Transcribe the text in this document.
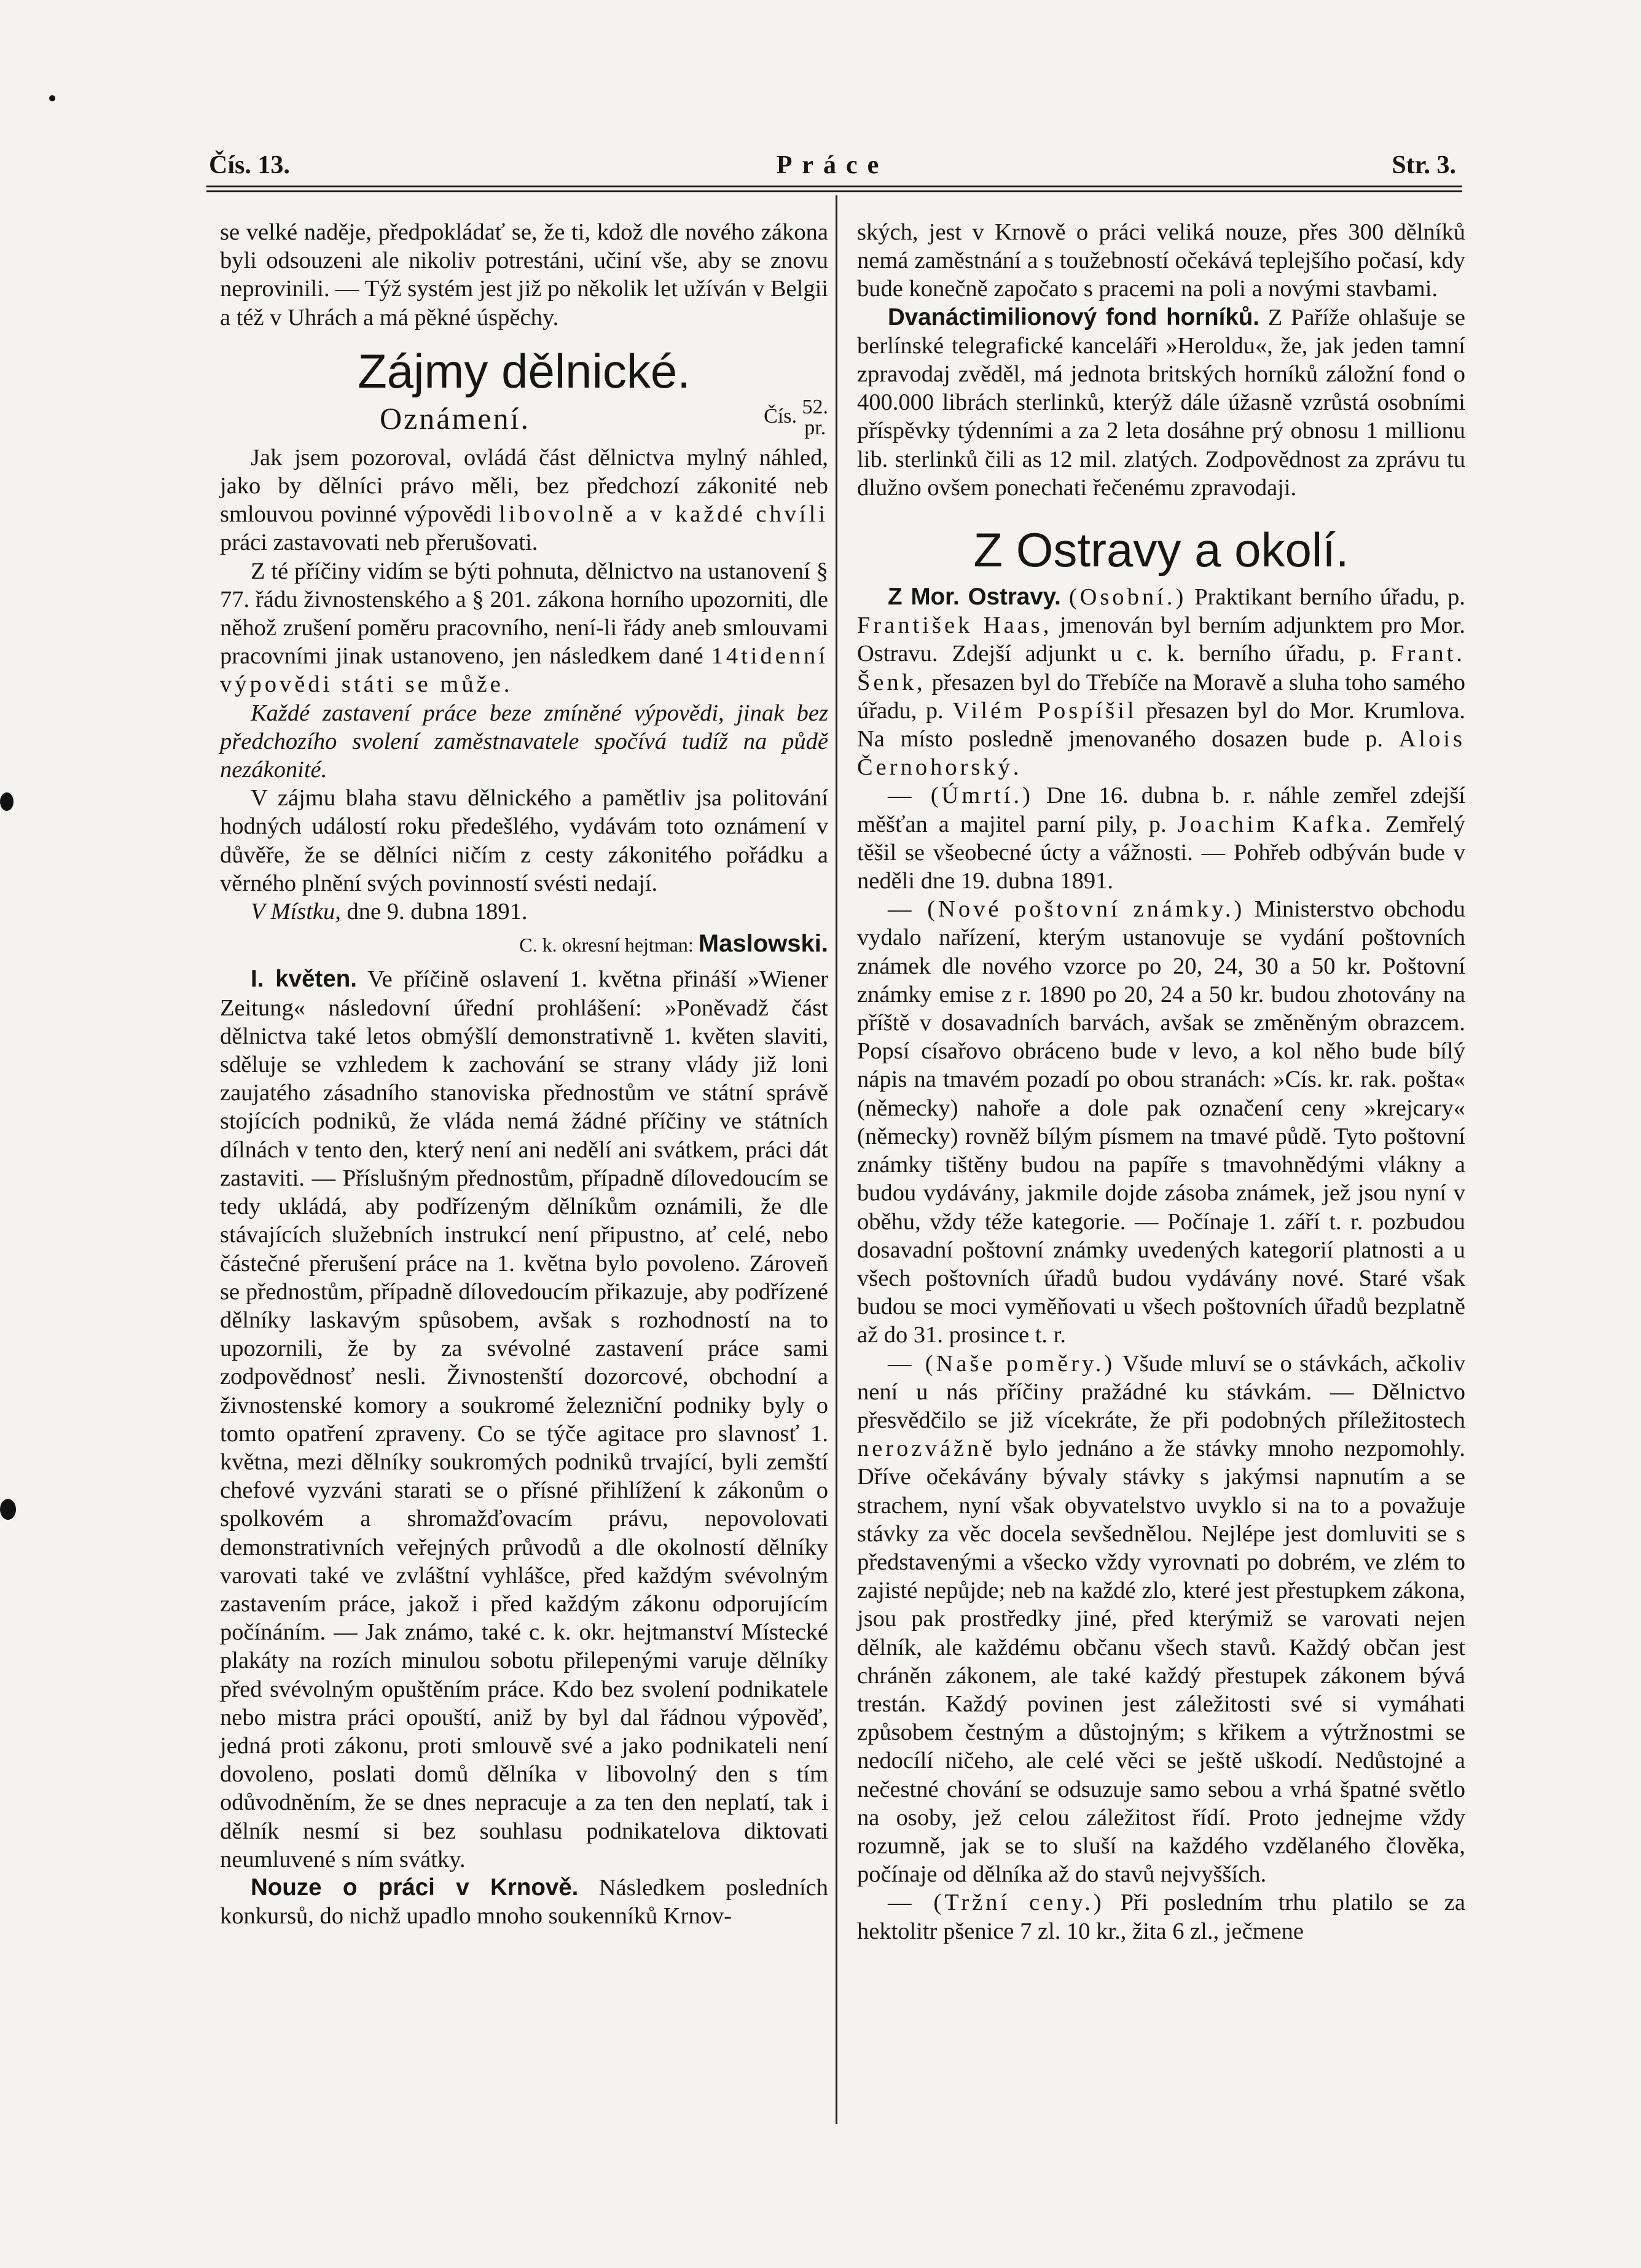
Čís. 13.	Práce	Str. 3.

se velké naděje, předpokládať se, že ti, kdož dle nového zákona byli odsouzeni ale nikoliv potrestáni, učiní vše, aby se znovu neprovinili. — Týž systém jest již po několik let užíván v Belgii a též v Uhrách a má pěkné úspěchy.

Zájmy dělnické.
Oznámení.	Čís. 52.
pr.

Jak jsem pozoroval, ovládá část dělnictva mylný náhled, jako by dělníci právo měli, bez předchozí zákonité neb smlouvou povinné výpovědi libovolně a v každé chvíli práci zastavovati neb přerušovati.

Z té příčiny vidím se býti pohnuta, dělnictvo na ustanovení § 77. řádu živnostenského a § 201. zákona horního upozorniti, dle něhož zrušení poměru pracovního, není-li řády aneb smlouvami pracovními jinak ustanoveno, jen následkem dané 14tidenní výpovědi státi se může.

Každé zastavení práce beze zmíněné výpovědi, jinak bez předchozího svolení zaměstnavatele spočívá tudíž na půdě nezákonité.

V zájmu blaha stavu dělnického a pamětliv jsa politování hodných událostí roku předešlého, vydávám toto oznámení v důvěře, že se dělníci ničím z cesty zákonitého pořádku a věrného plnění svých povinností svésti nedají.

V Místku, dne 9. dubna 1891.

C. k. okresní hejtman: Maslowski.

I. květen. Ve příčině oslavení 1. května přináší »Wiener Zeitung« následovní úřední prohlášení: »Poněvadž část dělnictva také letos obmýšlí demonstrativně 1. květen slaviti, sděluje se vzhledem k zachování se strany vlády již loni zaujatého zásadního stanoviska přednostům ve státní správě stojících podniků, že vláda nemá žádné příčiny ve státních dílnách v tento den, který není ani nedělí ani svátkem, práci dát zastaviti. — Příslušným přednostům, případně dílovedoucím se tedy ukládá, aby podřízeným dělníkům oznámili, že dle stávajících služebních instrukcí není připustno, ať celé, nebo částečné přerušení práce na 1. května bylo povoleno. Zároveň se přednostům, případně dílovedoucím přikazuje, aby podřízené dělníky laskavým spůsobem, avšak s rozhodností na to upozornili, že by za svévolné zastavení práce sami zodpovědnosť nesli. Živnostenští dozorcové, obchodní a živnostenské komory a soukromé železniční podniky byly o tomto opatření zpraveny. Co se týče agitace pro slavnosť 1. května, mezi dělníky soukromých podniků trvající, byli zemští chefové vyzváni starati se o přísné přihlížení k zákonům o spolkovém a shromažďovacím právu, nepovolovati demonstrativních veřejných průvodů a dle okolností dělníky varovati také ve zvláštní vyhlášce, před každým svévolným zastavením práce, jakož i před každým zákonu odporujícím počínáním. — Jak známo, také c. k. okr. hejtmanství Místecké plakáty na rozích minulou sobotu přilepenými varuje dělníky před svévolným opuštěním práce. Kdo bez svolení podnikatele nebo mistra práci opouští, aniž by byl dal řádnou výpověď, jedná proti zákonu, proti smlouvě své a jako podnikateli není dovoleno, poslati domů dělníka v libovolný den s tím odůvodněním, že se dnes nepracuje a za ten den neplatí, tak i dělník nesmí si bez souhlasu podnikatelova diktovati neumluvené s ním svátky.

Nouze o práci v Krnově. Následkem posledních konkursů, do nichž upadlo mnoho soukenníků Krnov-

ských, jest v Krnově o práci veliká nouze, přes 300 dělníků nemá zaměstnání a s toužebností očekává teplejšího počasí, kdy bude konečně započato s pracemi na poli a novými stavbami.

Dvanáctimilionový fond horníků. Z Paříže ohlašuje se berlínské telegrafické kanceláři »Heroldu«, že, jak jeden tamní zpravodaj zvěděl, má jednota britských horníků záložní fond o 400.000 librách sterlinků, kterýž dále úžasně vzrůstá osobními příspěvky týdenními a za 2 leta dosáhne prý obnosu 1 millionu lib. sterlinků čili as 12 mil. zlatých. Zodpovědnost za zprávu tu dlužno ovšem ponechati řečenému zpravodaji.

Z Ostravy a okolí.

Z Mor. Ostravy. (Osobní.) Praktikant berního úřadu, p. František Haas, jmenován byl berním adjunktem pro Mor. Ostravu. Zdejší adjunkt u c. k. berního úřadu, p. Frant. Šenk, přesazen byl do Třebíče na Moravě a sluha toho samého úřadu, p. Vilém Pospíšil přesazen byl do Mor. Krumlova. Na místo posledně jmenovaného dosazen bude p. Alois Černohorský.

— (Úmrtí.) Dne 16. dubna b. r. náhle zemřel zdejší měšťan a majitel parní pily, p. Joachim Kafka. Zemřelý těšil se všeobecné úcty a vážnosti. — Pohřeb odbýván bude v neděli dne 19. dubna 1891.

— (Nové poštovní známky.) Ministerstvo obchodu vydalo nařízení, kterým ustanovuje se vydání poštovních známek dle nového vzorce po 20, 24, 30 a 50 kr. Poštovní známky emise z r. 1890 po 20, 24 a 50 kr. budou zhotovány na příště v dosavadních barvách, avšak se změněným obrazcem. Popsí císařovo obráceno bude v levo, a kol něho bude bílý nápis na tmavém pozadí po obou stranách: »Cís. kr. rak. pošta« (německy) nahoře a dole pak označení ceny »krejcary« (německy) rovněž bílým písmem na tmavé půdě. Tyto poštovní známky tištěny budou na papíře s tmavohnědými vlákny a budou vydávány, jakmile dojde zásoba známek, jež jsou nyní v oběhu, vždy téže kategorie. — Počínaje 1. září t. r. pozbudou dosavadní poštovní známky uvedených kategorií platnosti a u všech poštovních úřadů budou vydávány nové. Staré však budou se moci vyměňovati u všech poštovních úřadů bezplatně až do 31. prosince t. r.

— (Naše poměry.) Všude mluví se o stávkách, ačkoliv není u nás příčiny pražádné ku stávkám. — Dělnictvo přesvědčilo se již vícekráte, že při podobných příležitostech nerozvážně bylo jednáno a že stávky mnoho nezpomohly. Dříve očekávány bývaly stávky s jakýmsi napnutím a se strachem, nyní však obyvatelstvo uvyklo si na to a považuje stávky za věc docela sevšednělou. Nejlépe jest domluviti se s představenými a všecko vždy vyrovnati po dobrém, ve zlém to zajisté nepůjde; neb na každé zlo, které jest přestupkem zákona, jsou pak prostředky jiné, před kterýmiž se varovati nejen dělník, ale každému občanu všech stavů. Každý občan jest chráněn zákonem, ale také každý přestupek zákonem bývá trestán. Každý povinen jest záležitosti své si vymáhati způsobem čestným a důstojným; s křikem a výtržnostmi se nedocílí ničeho, ale celé věci se ještě uškodí. Nedůstojné a nečestné chování se odsuzuje samo sebou a vrhá špatné světlo na osoby, jež celou záležitost řídí. Proto jednejme vždy rozumně, jak se to sluší na každého vzdělaného člověka, počínaje od dělníka až do stavů nejvyšších.

— (Tržní ceny.) Při posledním trhu platilo se za hektolitr pšenice 7 zl. 10 kr., žita 6 zl., ječmene
